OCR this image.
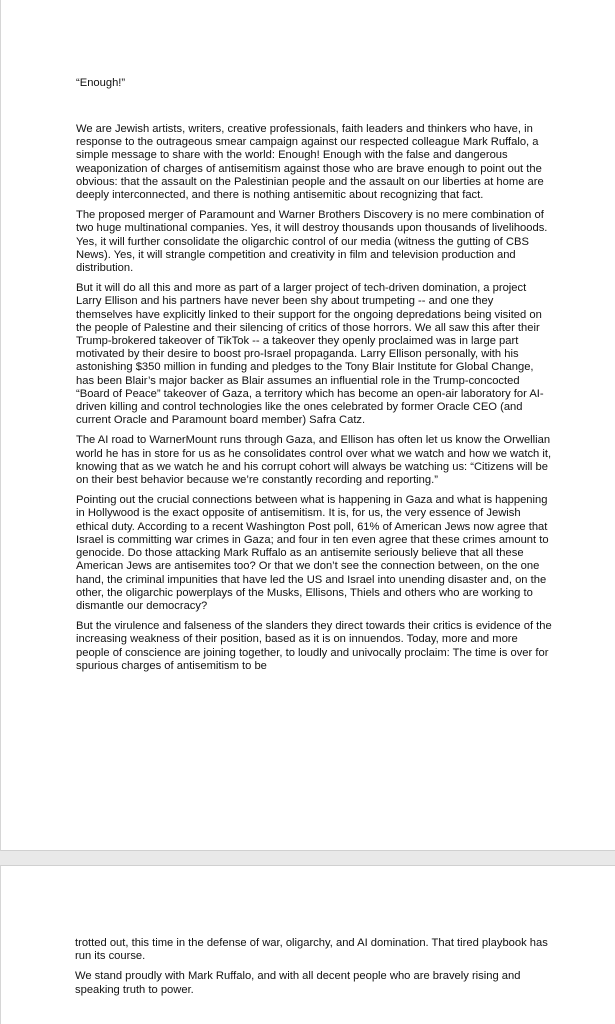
“Enough!”

We are Jewish artists, writers, creative professionals, faith leaders and thinkers who have, in response to the outrageous smear campaign against our respected colleague Mark Ruffalo, a simple message to share with the world: Enough! Enough with the false and dangerous weaponization of charges of antisemitism against those who are brave enough to point out the obvious: that the assault on the Palestinian people and the assault on our liberties at home are deeply interconnected, and there is nothing antisemitic about recognizing that fact.

The proposed merger of Paramount and Warner Brothers Discovery is no mere combination of two huge multinational companies. Yes, it will destroy thousands upon thousands of livelihoods. Yes, it will further consolidate the oligarchic control of our media (witness the gutting of CBS News). Yes, it will strangle competition and creativity in film and television production and distribution.

But it will do all this and more as part of a larger project of tech-driven domination, a project Larry Ellison and his partners have never been shy about trumpeting -- and one they themselves have explicitly linked to their support for the ongoing depredations being visited on the people of Palestine and their silencing of critics of those horrors. We all saw this after their Trump-brokered takeover of TikTok -- a takeover they openly proclaimed was in large part motivated by their desire to boost pro-Israel propaganda. Larry Ellison personally, with his astonishing $350 million in funding and pledges to the Tony Blair Institute for Global Change, has been Blair’s major backer as Blair assumes an influential role in the Trump-concocted “Board of Peace” takeover of Gaza, a territory which has become an open-air laboratory for AI-driven killing and control technologies like the ones celebrated by former Oracle CEO (and current Oracle and Paramount board member) Safra Catz.

The AI road to WarnerMount runs through Gaza, and Ellison has often let us know the Orwellian world he has in store for us as he consolidates control over what we watch and how we watch it, knowing that as we watch he and his corrupt cohort will always be watching us: “Citizens will be on their best behavior because we’re constantly recording and reporting.”

Pointing out the crucial connections between what is happening in Gaza and what is happening in Hollywood is the exact opposite of antisemitism. It is, for us, the very essence of Jewish ethical duty. According to a recent Washington Post poll, 61% of American Jews now agree that Israel is committing war crimes in Gaza; and four in ten even agree that these crimes amount to genocide. Do those attacking Mark Ruffalo as an antisemite seriously believe that all these American Jews are antisemites too? Or that we don’t see the connection between, on the one hand, the criminal impunities that have led the US and Israel into unending disaster and, on the other, the oligarchic powerplays of the Musks, Ellisons, Thiels and others who are working to dismantle our democracy?

But the virulence and falseness of the slanders they direct towards their critics is evidence of the increasing weakness of their position, based as it is on innuendos. Today, more and more people of conscience are joining together, to loudly and univocally proclaim: The time is over for spurious charges of antisemitism to be

trotted out, this time in the defense of war, oligarchy, and AI domination. That tired playbook has run its course.

We stand proudly with Mark Ruffalo, and with all decent people who are bravely rising and speaking truth to power.
